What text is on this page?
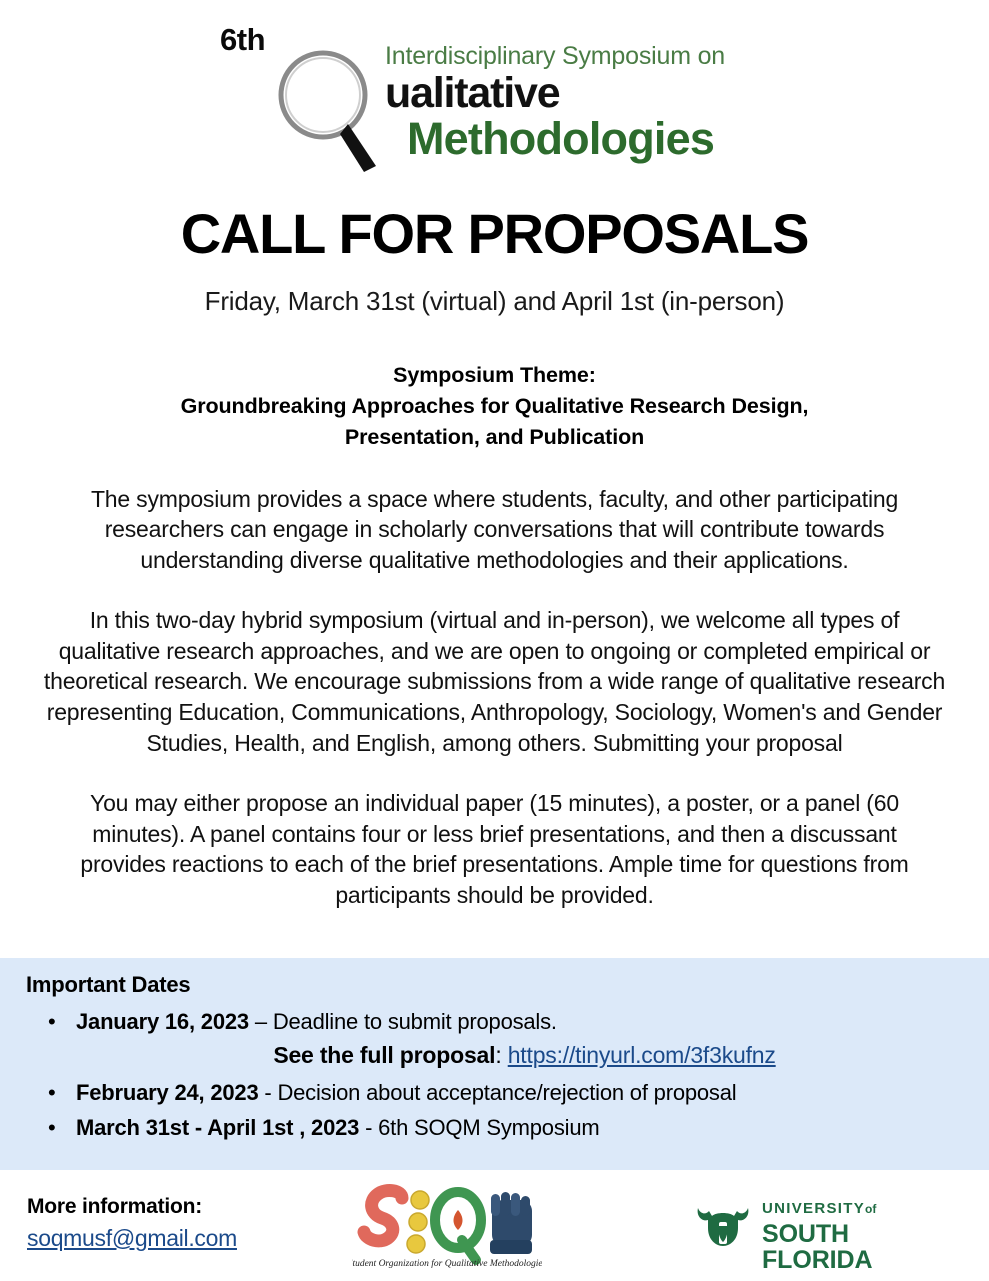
6th	Interdisciplinary Symposium on
ualitative
Methodologies
CALL FOR PROPOSALS
Friday, March 31st (virtual) and April 1st (in-person)
Symposium Theme:
Groundbreaking Approaches for Qualitative Research Design,
Presentation, and Publication

The symposium provides a space where students, faculty, and other participating researchers can engage in scholarly conversations that will contribute towards understanding diverse qualitative methodologies and their applications.

In this two-day hybrid symposium (virtual and in-person), we welcome all types of qualitative research approaches, and we are open to ongoing or completed empirical or theoretical research. We encourage submissions from a wide range of qualitative research representing Education, Communications, Anthropology, Sociology, Women's and Gender Studies, Health, and English, among others. Submitting your proposal

You may either propose an individual paper (15 minutes), a poster, or a panel (60 minutes). A panel contains four or less brief presentations, and then a discussant provides reactions to each of the brief presentations. Ample time for questions from participants should be provided.

Important Dates
• January 16, 2023 – Deadline to submit proposals.
See the full proposal: https://tinyurl.com/3f3kufnz
• February 24, 2023 - Decision about acceptance/rejection of proposal
• March 31st - April 1st , 2023 - 6th SOQM Symposium
More information:
soqmusf@gmail.com
Student Organization for Qualitative Methodologies
UNIVERSITYof
SOUTH FLORIDA
